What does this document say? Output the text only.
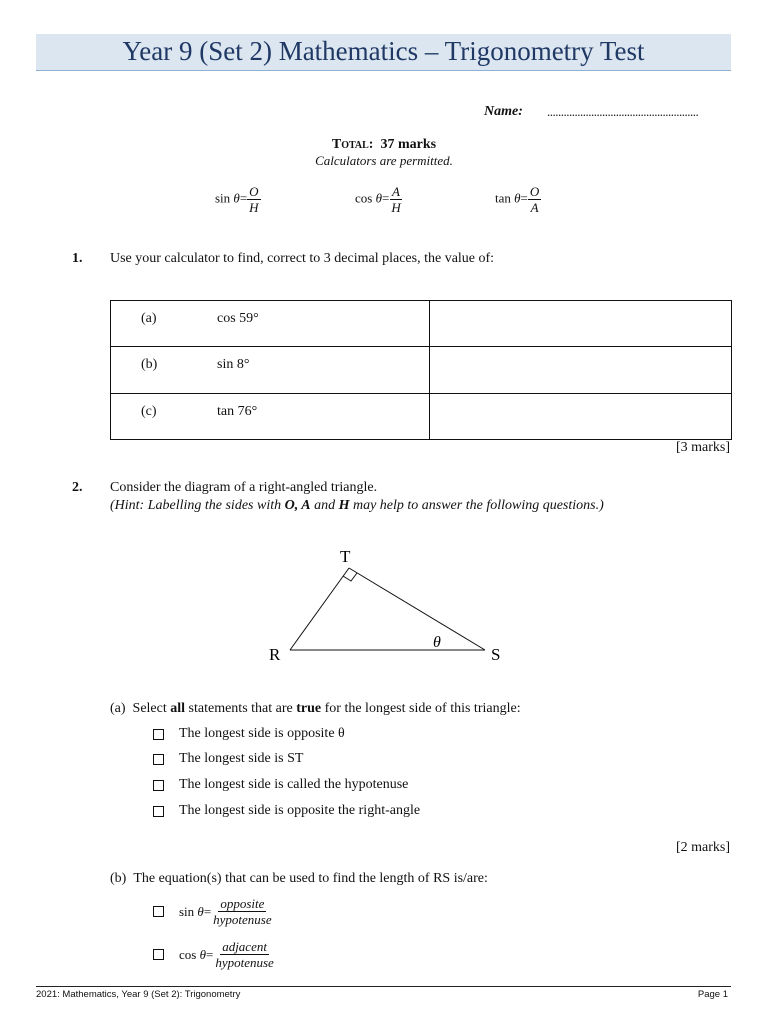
Year 9 (Set 2) Mathematics – Trigonometry Test
Name: .......................................................
Total: 37 marks
Calculators are permitted.
$\sin \theta= \frac{O}{H}$	$\cos \theta= \frac{A}{H}$	$\tan \theta= \frac{O}{A}$
1. Use your calculator to find, correct to 3 decimal places, the value of:
(a) cos 59°	

(b) sin 8°	

(c) tan 76°	

[3 marks]
2. Consider the diagram of a right-angled triangle.
(Hint: Labelling the sides with O, A and H may help to answer the following questions.)
T
R	S
θ
(a) Select all statements that are true for the longest side of this triangle:
The longest side is opposite θ
The longest side is ST
The longest side is called the hypotenuse
The longest side is opposite the right-angle
[2 marks]
(b) The equation(s) that can be used to find the length of RS is/are:
sin
$\theta = \frac{\text{opposite}}{\text{hypotenuse}}$
cos
$\theta = \frac{\text{adjacent}}{\text{hypotenuse}}$
2021: Mathematics, Year 9 (Set 2): Trigonometry	Page 1
